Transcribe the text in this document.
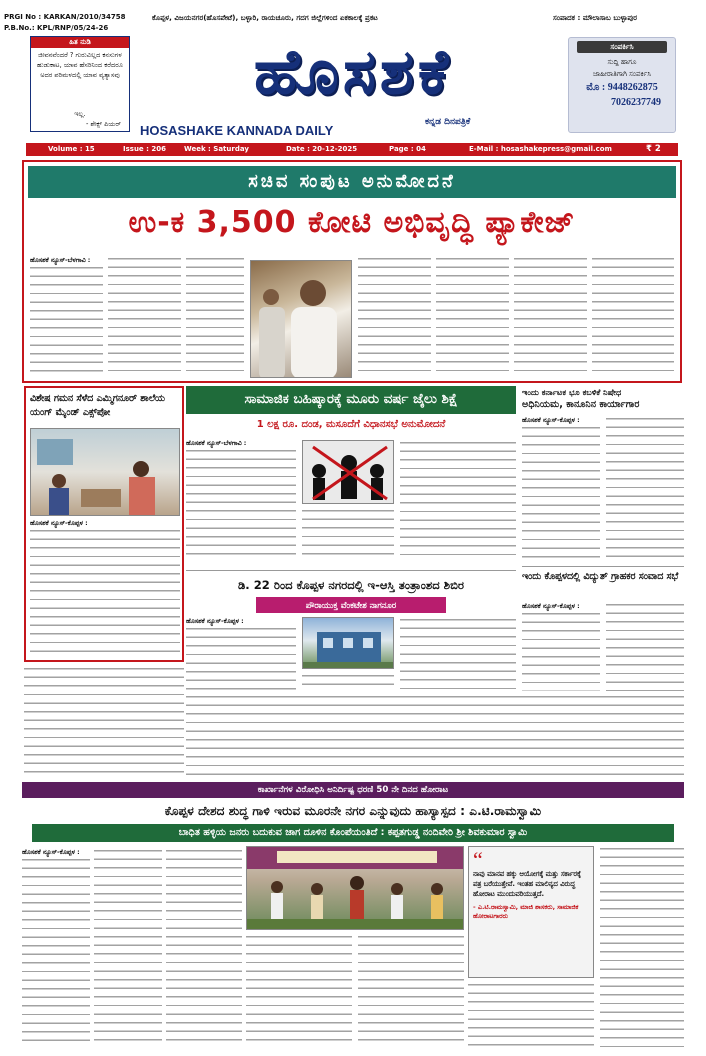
PRGI No : KARKAN/2010/34758
P.B.No.: KPL/RNP/05/24-26
ಕೊಪ್ಪಳ, ವಿಜಯನಗರ(ಹೊಸಪೇಟೆ), ಬಳ್ಳಾರಿ, ರಾಯಚೂರು, ಗದಗ ಜಿಲ್ಲೆಗಳಿಂದ ಏಕಕಾಲಕ್ಕೆ ಪ್ರಕಟ	ಸಂಪಾದಕ : ಮೌಲಾಸಾಬ ಬುಳ್ಳಾಪುರ
ಹಿತ ನುಡಿ
ಜೀವನವೆಂದರೆ ? ಗುರುವಿಲ್ಲದ ಕನಸುಗಳ ಹುಡುಕಾಟ, ಯಾವ ಹೆಸರಿನಿಂದ ಕರೆದರೂ ಅದರ ಪರಿಮಳದಲ್ಲಿ ಯಾವ ವ್ಯತ್ಯಾಸವು
ಇಲ್ಲ.
- ಶೇಕ್ಸ್ ಪಿಯರ್
ಹೊಸಶಕೆ
HOSASHAKE KANNADA DAILY
ಕನ್ನಡ ದಿನಪತ್ರಿಕೆ
ಸಂಪರ್ಕಿಸಿ
ಸುದ್ದಿ ಹಾಗೂ
ಜಾಹೀರಾತಿಗಾಗಿ ಸಂಪರ್ಕಿಸಿ
ಮೊ : 9448262875
7026237749
Volume : 15	Issue : 206	Week : Saturday	Date : 20-12-2025	Page : 04	E-Mail : hosashakepress@gmail.com	₹ 2
ಸಚಿವ ಸಂಪುಟ ಅನುಮೋದನೆ
ಉ-ಕ 3,500 ಕೋಟಿ ಅಭಿವೃದ್ಧಿ ಪ್ಯಾಕೇಜ್
ಹೊಸಶಕೆ ನ್ಯೂಸ್-ಬೆಳಗಾವಿ :
ವಿಶೇಷ ಗಮನ ಸೆಳೆದ ಎಮ್ಮಿಗನೂರ್ ಶಾಲೆಯ ಯಂಗ್ ಮೈಂಡ್ ಎಕ್ಸ್‌ಪೋ
ಹೊಸಶಕೆ ನ್ಯೂಸ್-ಕೊಪ್ಪಳ :
ಸಾಮಾಜಿಕ ಬಹಿಷ್ಕಾರಕ್ಕೆ ಮೂರು ವರ್ಷ ಜೈಲು ಶಿಕ್ಷೆ
1 ಲಕ್ಷ ರೂ. ದಂಡ, ಮಸೂದೆಗೆ ವಿಧಾನಸಭೆ ಅನುಮೋದನೆ
ಹೊಸಶಕೆ ನ್ಯೂಸ್-ಬೆಳಗಾವಿ :
ಡಿ. 22 ರಿಂದ ಕೊಪ್ಪಳ ನಗರದಲ್ಲಿ ಇ-ಆಸ್ತಿ ತಂತ್ರಾಂಶದ ಶಿಬಿರ
ಪೌರಾಯುಕ್ತ ವೆಂಕಟೇಶ ನಾಗನೂರ
ಹೊಸಶಕೆ ನ್ಯೂಸ್-ಕೊಪ್ಪಳ :
ಇಂದು ಕರ್ನಾಟಕ ಭೂ ಕಬಳಿಕೆ ನಿಷೇಧ
ಅಧಿನಿಯಮ, ಕಾನೂನಿನ ಕಾರ್ಯಾಗಾರ
ಹೊಸಶಕೆ ನ್ಯೂಸ್-ಕೊಪ್ಪಳ :
ಇಂದು ಕೊಪ್ಪಳದಲ್ಲಿ ವಿದ್ಯುತ್ ಗ್ರಾಹಕರ ಸಂವಾದ ಸಭೆ
ಹೊಸಶಕೆ ನ್ಯೂಸ್-ಕೊಪ್ಪಳ :
ಕಾರ್ಖಾನೆಗಳ ವಿರೋಧಿಸಿ ಅನಿರ್ದಿಷ್ಟ ಧರಣಿ 50 ನೇ ದಿನದ ಹೋರಾಟ
ಕೊಪ್ಪಳ ದೇಶದ ಶುದ್ಧ ಗಾಳಿ ಇರುವ ಮೂರನೇ ನಗರ ಎನ್ನುವುದು ಹಾಸ್ಯಾಸ್ಪದ : ಎ.ಟಿ.ರಾಮಸ್ವಾಮಿ
ಬಾಧಿತ ಹಳ್ಳಿಯ ಜನರು ಬದುಕುವ ಜಾಗ ದೂಳಿನ ಕೊಂಪೆಯಂತಿದೆ : ಕಪ್ಪತಗುಡ್ಡ ನಂದಿವೇರಿ ಶ್ರೀ ಶಿವಕುಮಾರ ಸ್ವಾಮಿ
ಹೊಸಶಕೆ ನ್ಯೂಸ್-ಕೊಪ್ಪಳ :	“
ನಾವು ಮಾನವ ಹಕ್ಕು ಆಯೋಗಕ್ಕೆ ಮತ್ತು ಸರ್ಕಾರಕ್ಕೆ ಪತ್ರ ಬರೆಯುತ್ತೇವೆ. ಇಂತಹ ಮಾಲಿನ್ಯದ ವಿರುದ್ಧ ಹೋರಾಟ ಮುಂದುವರಿಯುತ್ತದೆ.
- ಎ.ಟಿ.ರಾಮಸ್ವಾಮಿ, ಮಾಜಿ ಶಾಸಕರು, ಸಾಮಾಜಿಕ ಹೋರಾಟಗಾರರು
